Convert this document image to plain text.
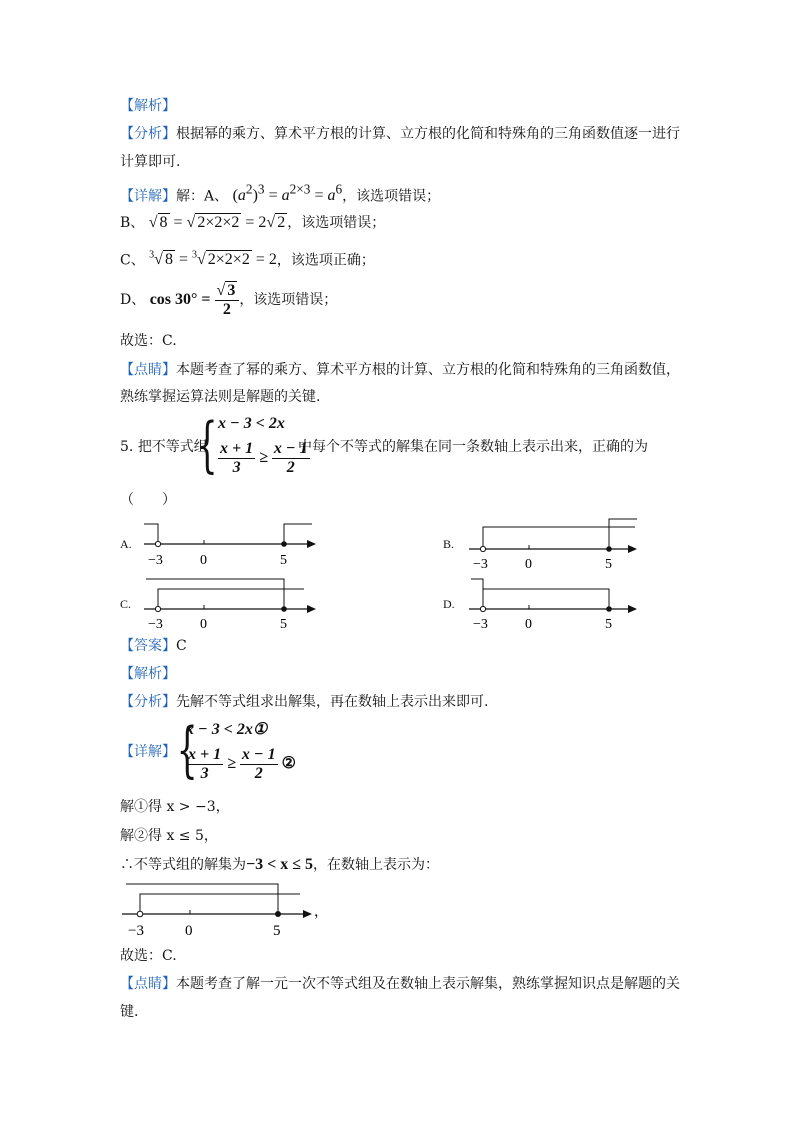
【解析】
【分析】根据幂的乘方、算术平方根的计算、立方根的化简和特殊角的三角函数值逐一进行
计算即可.
【详解】解：A、 $(a^2)^3 = a^{2\times 3} = a^6$，该选项错误；
B、 √ 8 = √ 2×2×2 = 2√ 2 ，该选项错误；
C、 $^3$√ 8 = $^3$√ 2×2×2 = 2，该选项正确；
D、 $\cos 30^\circ = \frac{√ 3}{2}$ ，该选项错误；
故选：C.
【点睛】本题考查了幂的乘方、算术平方根的计算、立方根的化简和特殊角的三角函数值，
熟练掌握运算法则是解题的关键.
5. 把不等式组
{ x − 3 < 2x
$\frac{x + 1}{3} \ge \frac{x - 1}{2}$
中每个不等式的解集在同一条数轴上表示出来，正确的为
（　　）
A.	B.
C.	D.
−3	0	5	−3	0	5
−3	0	5	−3	0	5
【答案】C
【解析】
【分析】先解不等式组求出解集，再在数轴上表示出来即可.
【详解】 {
x − 3 < 2x①
$\frac{x + 1}{3} \ge \frac{x - 1}{2}$ ②
解①得 x > −3，
解②得 x ≤ 5，
∴不等式组的解集为−3 < x ≤ 5，在数轴上表示为：
−3	0	5
，
故选：C.
【点睛】本题考查了解一元一次不等式组及在数轴上表示解集，熟练掌握知识点是解题的关
键.
